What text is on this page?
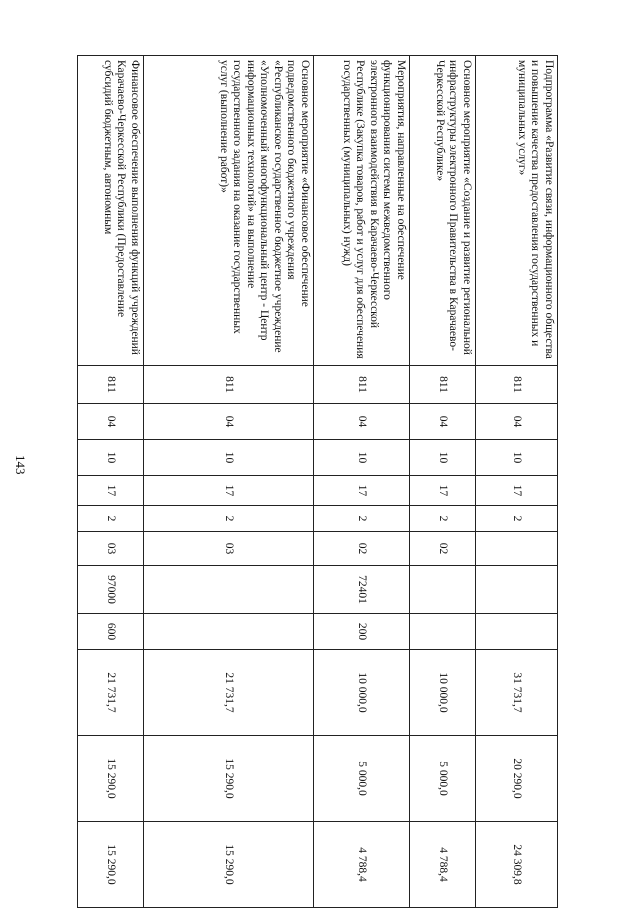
143
Подпрограмма «Развитие связи, информационного общества и повышение качества предоставления государственных и муниципальных услуг»	811	04	10	17	2				31 731,7	20 290,0	24 309,8
Основное мероприятие «Создание и развитие региональной инфраструктуры электронного Правительства в Карачаево-Черкесской Республике»	811	04	10	17	2	02			10 000,0	5 000,0	4 788,4
Мероприятия, направленные на обеспечение функционирования системы межведомственного электронного взаимодействия в Карачаево-Черкесской Республике (Закупка товаров, работ и услуг для обеспечения государственных (муниципальных) нужд)	811	04	10	17	2	02	72401	200	10 000,0	5 000,0	4 788,4
Основное мероприятие «Финансовое обеспечение подведомственного бюджетного учреждения «Республиканское государственное бюджетное учреждение «Уполномоченный многофункциональный центр - Центр информационных технологий» на выполнение государственного задания на оказание государственных услуг (выполнение работ)»	811	04	10	17	2	03			21 731,7	15 290,0	15 290,0
Финансовое обеспечение выполнения функций учреждений Карачаево-Черкесской Республики (Предоставление субсидий бюджетным, автономным	811	04	10	17	2	03	97000	600	21 731,7	15 290,0	15 290,0
